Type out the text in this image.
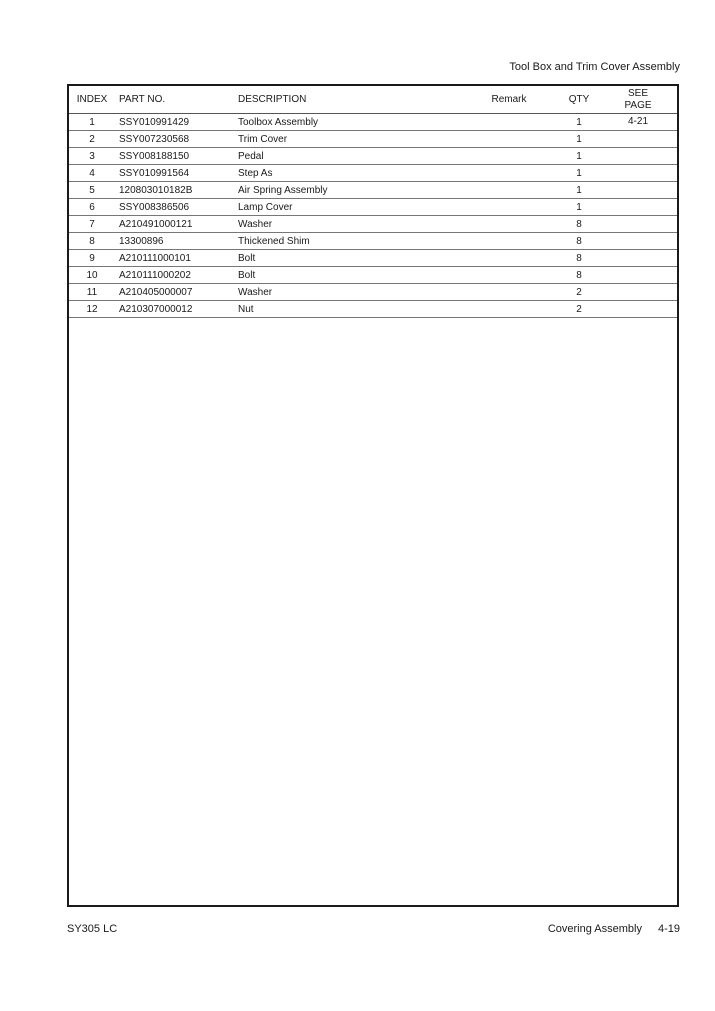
Tool Box and Trim Cover Assembly
INDEX	PART NO.	DESCRIPTION	Remark	QTY	SEE
PAGE

1	SSY010991429	Toolbox Assembly		1	4-21
2	SSY007230568	Trim Cover		1	
3	SSY008188150	Pedal		1	
4	SSY010991564	Step As		1	
5	120803010182B	Air Spring Assembly		1	
6	SSY008386506	Lamp Cover		1	
7	A210491000121	Washer		8	
8	13300896	Thickened Shim		8	
9	A210111000101	Bolt		8	
10	A210111000202	Bolt		8	
11	A210405000007	Washer		2	
12	A210307000012	Nut		2	
SY305 LC	Covering Assembly 4-19
